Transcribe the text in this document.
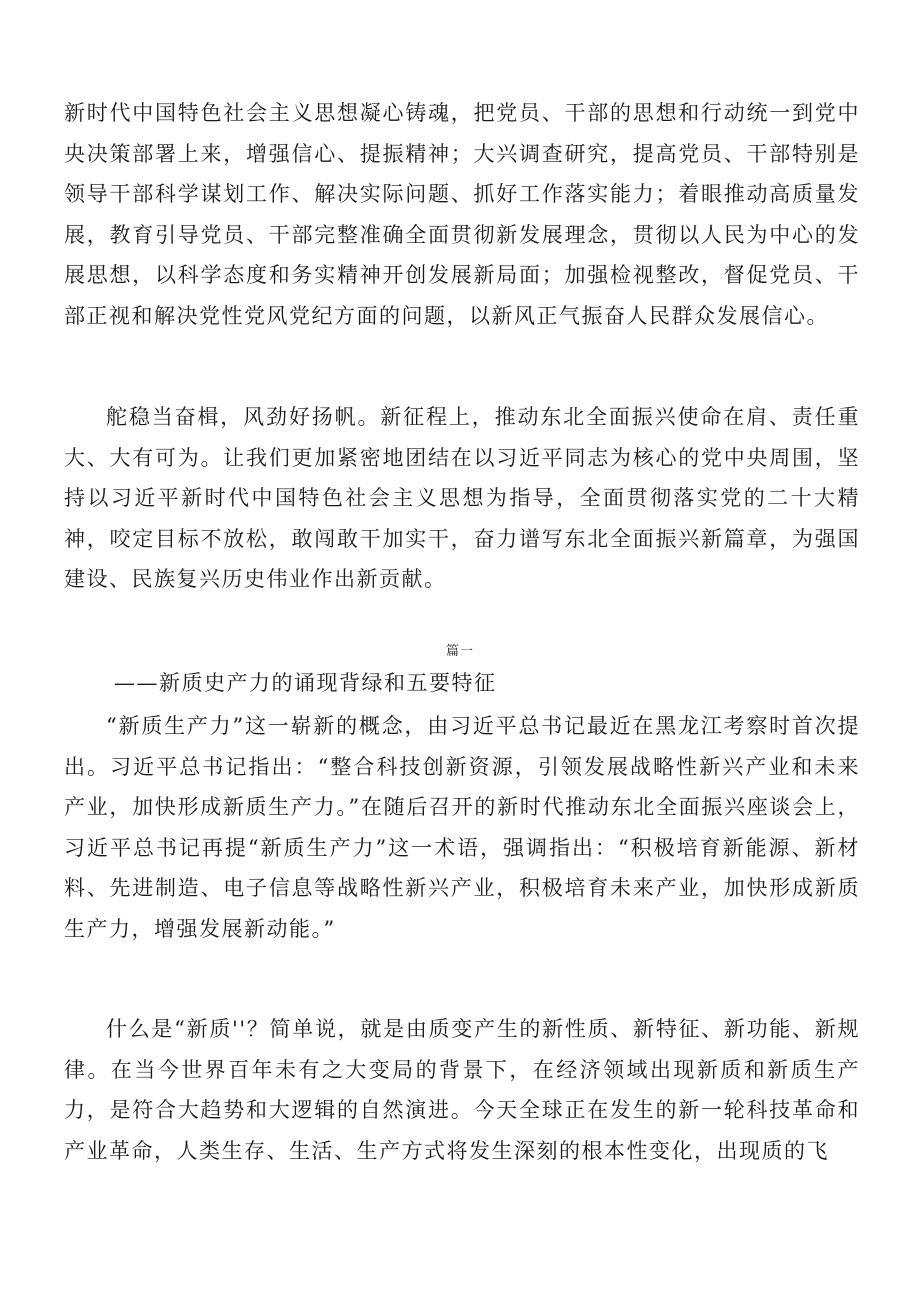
新时代中国特色社会主义思想凝心铸魂，把党员、干部的思想和行动统一到党中央决策部署上来，增强信心、提振精神；大兴调查研究，提高党员、干部特别是领导干部科学谋划工作、解决实际问题、抓好工作落实能力；着眼推动高质量发展，教育引导党员、干部完整准确全面贯彻新发展理念，贯彻以人民为中心的发展思想，以科学态度和务实精神开创发展新局面；加强检视整改，督促党员、干部正视和解决党性党风党纪方面的问题，以新风正气振奋人民群众发展信心。

舵稳当奋楫，风劲好扬帆。新征程上，推动东北全面振兴使命在肩、责任重大、大有可为。让我们更加紧密地团结在以习近平同志为核心的党中央周围，坚持以习近平新时代中国特色社会主义思想为指导，全面贯彻落实党的二十大精神，咬定目标不放松，敢闯敢干加实干，奋力谱写东北全面振兴新篇章，为强国建设、民族复兴历史伟业作出新贡献。

篇一

——新质史产力的诵现背绿和五要特征

“新质生产力”这一崭新的概念，由习近平总书记最近在黑龙江考察时首次提出。习近平总书记指出：“整合科技创新资源，引领发展战略性新兴产业和未来产业，加快形成新质生产力。”在随后召开的新时代推动东北全面振兴座谈会上，习近平总书记再提“新质生产力”这一术语，强调指出：“积极培育新能源、新材料、先进制造、电子信息等战略性新兴产业，积极培育未来产业，加快形成新质生产力，增强发展新动能。”

什么是“新质''？简单说，就是由质变产生的新性质、新特征、新功能、新规律。在当今世界百年未有之大变局的背景下，在经济领域出现新质和新质生产力，是符合大趋势和大逻辑的自然演进。今天全球正在发生的新一轮科技革命和产业革命，人类生存、生活、生产方式将发生深刻的根本性变化，出现质的飞
